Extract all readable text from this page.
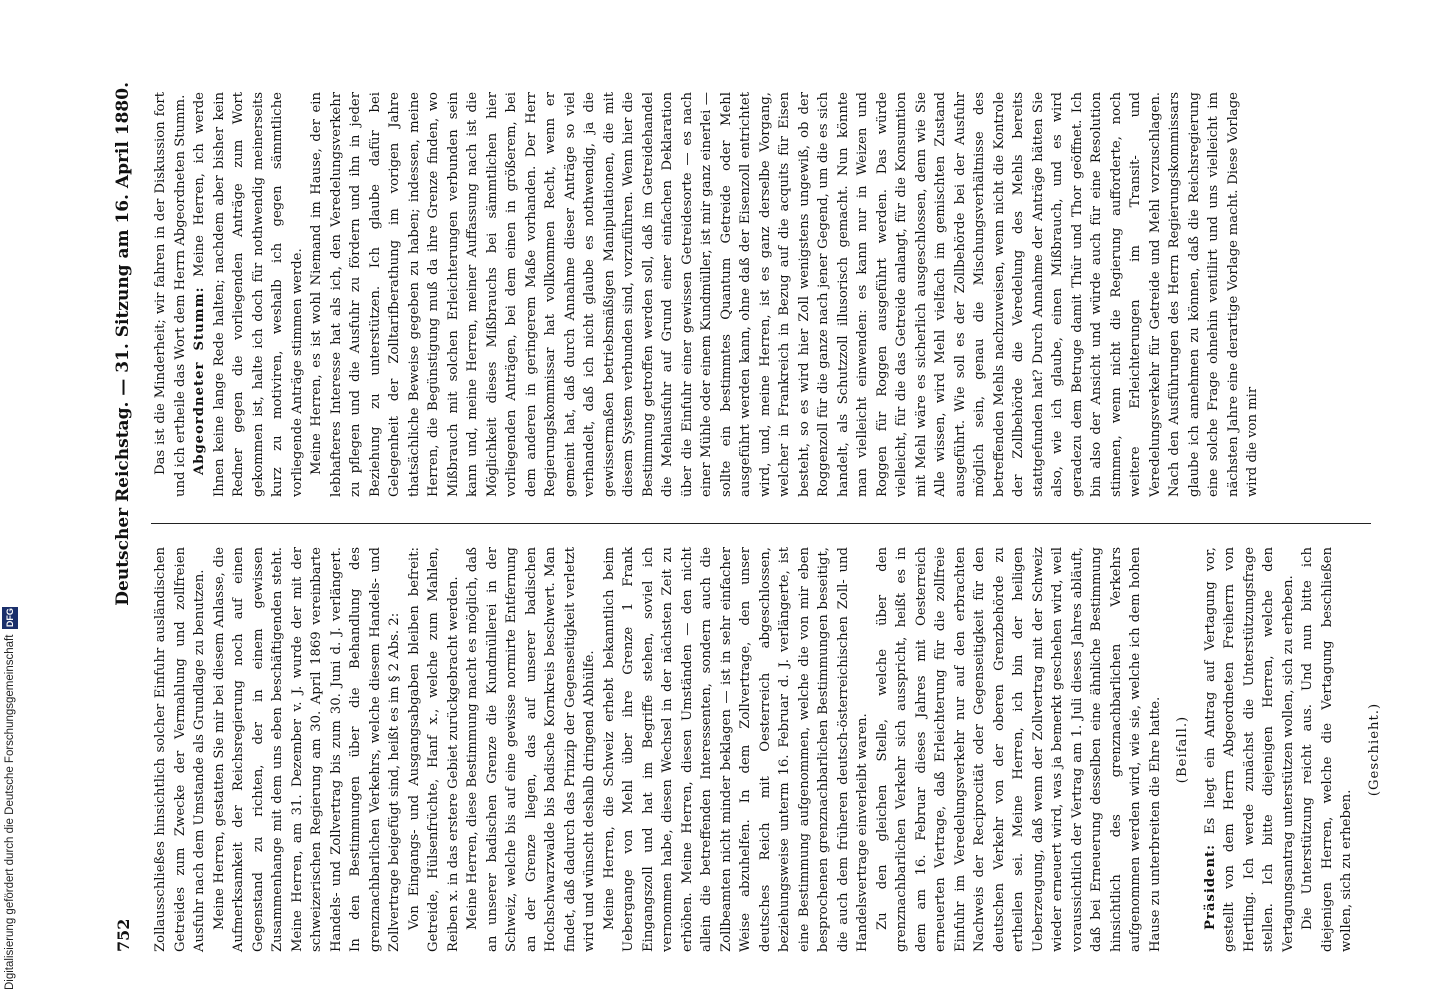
Digitalisierung gefördert durch die Deutsche Forschungsgemeinschaft
DFG
752
Deutscher Reichstag. — 31. Sitzung am 16. April 1880.

Zollausschließes hinsichtlich solcher Einfuhr ausländischen Getreides zum Zwecke der Vermahlung und zollfreien Ausfuhr nach dem Umstande als Grundlage zu benutzen. Meine Herren, gestatten Sie mir bei diesem Anlasse, die Aufmerksamkeit der Reichsregierung noch auf einen Gegenstand zu richten, der in einem gewissen Zusammenhange mit dem uns eben beschäftigenden steht. Meine Herren, am 31. Dezember v. J. wurde der mit der schweizerischen Regierung am 30. April 1869 vereinbarte Handels- und Zollvertrag bis zum 30. Juni d. J. verlängert. In den Bestimmungen über die Behandlung des grenznachbarlichen Verkehrs, welche diesem Handels- und Zollvertrage beigefügt sind, heißt es im § 2 Abs. 2: Von Eingangs- und Ausgangsabgaben bleiben befreit: Getreide, Hülsenfrüchte, Hanf x., welche zum Mahlen, Reiben x. in das erstere Gebiet zurückgebracht werden. Meine Herren, diese Bestimmung macht es möglich, daß an unserer badischen Grenze die Kundmüllerei in der Schweiz, welche bis auf eine gewisse normirte Entfernung an der Grenze liegen, das auf unserer badischen Hochschwarzwalde bis badische Kornkreis beschwert. Man findet, daß dadurch das Prinzip der Gegenseitigkeit verletzt wird und wünscht deshalb dringend Abhülfe. Meine Herren, die Schweiz erhebt bekanntlich beim Uebergange von Mehl über ihre Grenze 1 Frank Eingangszoll und hat im Begriffe stehen, soviel ich vernommen habe, diesen Wechsel in der nächsten Zeit zu erhöhen. Meine Herren, diesen Umständen — den nicht allein die betreffenden Interessenten, sondern auch die Zollbeamten nicht minder beklagen — ist in sehr einfacher Weise abzuhelfen. In dem Zollvertrage, den unser deutsches Reich mit Oesterreich abgeschlossen, beziehungsweise unterm 16. Februar d. J. verlängerte, ist eine Bestimmung aufgenommen, welche die von mir eben besprochenen grenznachbarlichen Bestimmungen beseitigt, die auch dem früheren deutsch-österreichischen Zoll- und Handelsvertrage einverleibt waren. Zu den gleichen Stelle, welche über den grenznachbarlichen Verkehr sich ausspricht, heißt es in dem am 16. Februar dieses Jahres mit Oesterreich erneuerten Vertrage, daß Erleichterung für die zollfreie Einfuhr im Veredelungsverkehr nur auf den erbrachten Nachweis der Reciprocität oder Gegenseitigkeit für den deutschen Verkehr von der oberen Grenzbehörde zu ertheilen sei. Meine Herren, ich bin der heiligen Ueberzeugung, daß wenn der Zollvertrag mit der Schweiz wieder erneuert wird, was ja bemerkt geschehen wird, weil voraussichtlich der Vertrag am 1. Juli dieses Jahres abläuft, daß bei Erneuerung desselben eine ähnliche Bestimmung hinsichtlich des grenznachbarlichen Verkehrs aufgenommen werden wird, wie sie, welche ich dem hohen Hause zu unterbreiten die Ehre hatte. (Beifall.)

Präsident: Es liegt ein Antrag auf Vertagung vor, gestellt von dem Herrn Abgeordneten Freiherrn von Hertling. Ich werde zunächst die Unterstützungsfrage stellen. Ich bitte diejenigen Herren, welche den Vertagungsantrag unterstützen wollen, sich zu erheben. Die Unterstützung reicht aus. Und nun bitte ich diejenigen Herren, welche die Vertagung beschließen wollen, sich zu erheben.

(Geschieht.)

Das ist die Minderheit; wir fahren in der Diskussion fort und ich ertheile das Wort dem Herrn Abgeordneten Stumm. Abgeordneter Stumm: Meine Herren, ich werde Ihnen keine lange Rede halten; nachdem aber bisher kein Redner gegen die vorliegenden Anträge zum Wort gekommen ist, halte ich doch für nothwendig meinerseits kurz zu motiviren, weshalb ich gegen sämmtliche vorliegende Anträge stimmen werde. Meine Herren, es ist wohl Niemand im Hause, der ein lebhafteres Interesse hat als ich, den Veredelungsverkehr zu pflegen und die Ausfuhr zu fördern und ihn in jeder Beziehung zu unterstützen. Ich glaube dafür bei Gelegenheit der Zolltarifberathung im vorigen Jahre thatsächliche Beweise gegeben zu haben; indessen, meine Herren, die Begünstigung muß da ihre Grenze finden, wo Mißbrauch mit solchen Erleichterungen verbunden sein kann und, meine Herren, meiner Auffassung nach ist die Möglichkeit dieses Mißbrauchs bei sämmtlichen hier vorliegenden Anträgen, bei dem einen in größerem, bei dem anderen in geringerem Maße vorhanden. Der Herr Regierungskommissar hat vollkommen Recht, wenn er gemeint hat, daß durch Annahme dieser Anträge so viel verhandelt, daß ich nicht glaube es nothwendig, ja die gewissermaßen betriebsmäßigen Manipulationen, die mit diesem System verbunden sind, vorzuführen. Wenn hier die Bestimmung getroffen werden soll, daß im Getreidehandel die Mehlausfuhr auf Grund einer einfachen Deklaration über die Einfuhr einer gewissen Getreidesorte — es nach einer Mühle oder einem Kundmüller, ist mir ganz einerlei — sollte ein bestimmtes Quantum Getreide oder Mehl ausgeführt werden kann, ohne daß der Eisenzoll entrichtet wird, und, meine Herren, ist es ganz derselbe Vorgang, welcher in Frankreich in Bezug auf die acquits für Eisen besteht, so es wird hier Zoll wenigstens ungewiß, ob der Roggenzoll für die ganze nach jener Gegend, um die es sich handelt, als Schutzzoll illusorisch gemacht. Nun könnte man vielleicht einwenden: es kann nur in Weizen und Roggen für Roggen ausgeführt werden. Das würde vielleicht, für die das Getreide anlangt, für die Konsumtion mit Mehl wäre es sicherlich ausgeschlossen, denn wie Sie Alle wissen, wird Mehl vielfach im gemischten Zustand ausgeführt. Wie soll es der Zollbehörde bei der Ausfuhr möglich sein, genau die Mischungsverhältnisse des betreffenden Mehls nachzuweisen, wenn nicht die Kontrole der Zollbehörde die Veredelung des Mehls bereits stattgefunden hat? Durch Annahme der Anträge hätten Sie also, wie ich glaube, einen Mißbrauch, und es wird geradezu dem Betruge damit Thür und Thor geöffnet. Ich bin also der Ansicht und würde auch für eine Resolution stimmen, wenn nicht die Regierung aufforderte, noch weitere Erleichterungen im Transit- und Veredelungsverkehr für Getreide und Mehl vorzuschlagen. Nach den Ausführungen des Herrn Regierungskommissars glaube ich annehmen zu können, daß die Reichsregierung eine solche Frage ohnehin ventilirt und uns vielleicht im nächsten Jahre eine derartige Vorlage macht. Diese Vorlage wird die von mir
